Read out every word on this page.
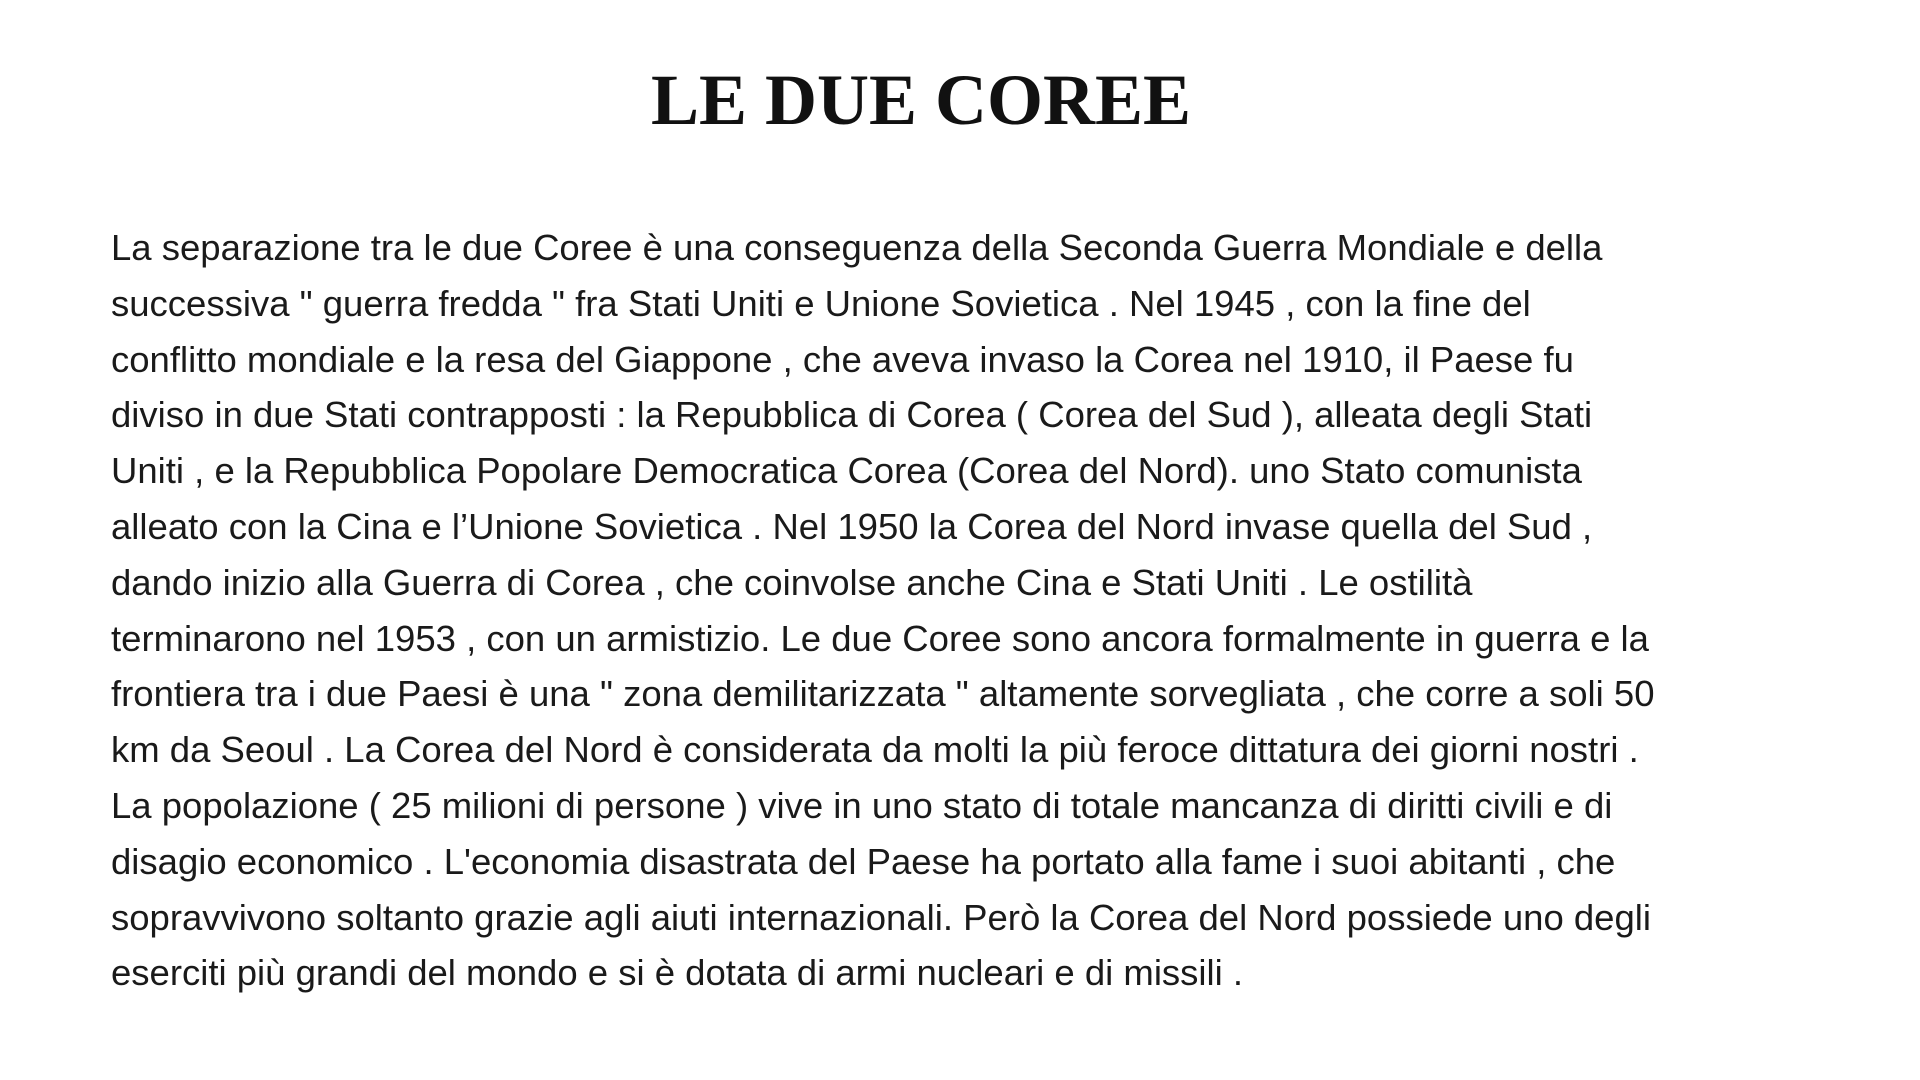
LE DUE COREE
La separazione tra le due Coree è una conseguenza della Seconda Guerra Mondiale e della
successiva " guerra fredda " fra Stati Uniti e Unione Sovietica . Nel 1945 , con la fine del
conflitto mondiale e la resa del Giappone , che aveva invaso la Corea nel 1910, il Paese fu
diviso in due Stati contrapposti : la Repubblica di Corea ( Corea del Sud ), alleata degli Stati
Uniti , e la Repubblica Popolare Democratica Corea (Corea del Nord). uno Stato comunista
alleato con la Cina e l’Unione Sovietica . Nel 1950 la Corea del Nord invase quella del Sud ,
dando inizio alla Guerra di Corea , che coinvolse anche Cina e Stati Uniti . Le ostilità
terminarono nel 1953 , con un armistizio. Le due Coree sono ancora formalmente in guerra e la
frontiera tra i due Paesi è una " zona demilitarizzata " altamente sorvegliata , che corre a soli 50
km da Seoul . La Corea del Nord è considerata da molti la più feroce dittatura dei giorni nostri .
La popolazione ( 25 milioni di persone ) vive in uno stato di totale mancanza di diritti civili e di
disagio economico . L'economia disastrata del Paese ha portato alla fame i suoi abitanti , che
sopravvivono soltanto grazie agli aiuti internazionali. Però la Corea del Nord possiede uno degli
eserciti più grandi del mondo e si è dotata di armi nucleari e di missili .
